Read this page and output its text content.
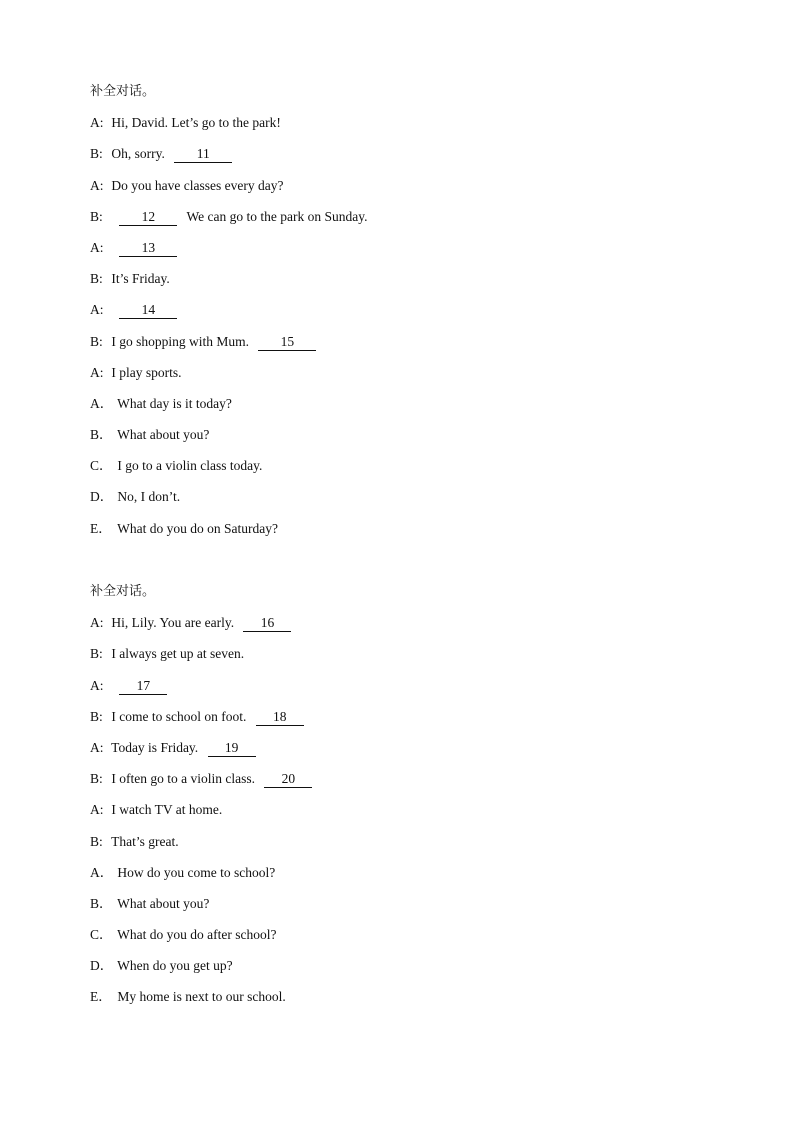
补全对话。
A: Hi, David. Let’s go to the park!
B: Oh, sorry. 11
A: Do you have classes every day?
B:	12 We can go to the park on Sunday.
A:	13
B: It’s Friday.
A:	14
B: I go shopping with Mum. 15
A: I play sports.
A． What day is it today?
B． What about you?
C． I go to a violin class today.
D． No, I don’t.
E． What do you do on Saturday?
补全对话。
A: Hi, Lily. You are early. 16
B: I always get up at seven.
A: 17
B: I come to school on foot. 18
A: Today is Friday. 19
B: I often go to a violin class. 20
A: I watch TV at home.
B: That’s great.
A． How do you come to school?
B． What about you?
C． What do you do after school?
D． When do you get up?
E． My home is next to our school.
